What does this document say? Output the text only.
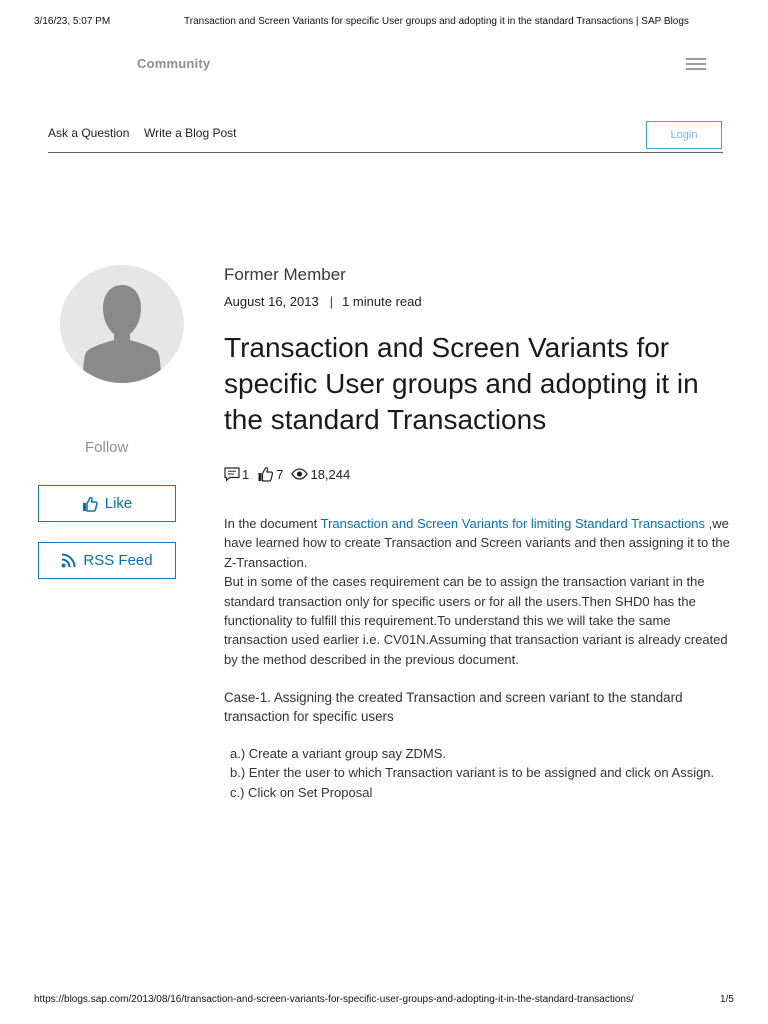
3/16/23, 5:07 PM	Transaction and Screen Variants for specific User groups and adopting it in the standard Transactions | SAP Blogs
Community
Ask a Question Write a Blog Post	Login
Follow
Like
RSS Feed
Former Member
August 16, 2013 | 1 minute read
Transaction and Screen Variants for specific User groups and adopting it in the standard Transactions
1 7 18,244

In the document Transaction and Screen Variants for limiting Standard Transactions ,we have learned how to create Transaction and Screen variants and then assigning it to the Z-Transaction.

But in some of the cases requirement can be to assign the transaction variant in the standard transaction only for specific users or for all the users.Then SHD0 has the functionality to fulfill this requirement.To understand this we will take the same transaction used earlier i.e. CV01N.Assuming that transaction variant is already created by the method described in the previous document.

Case-1. Assigning the created Transaction and screen variant to the standard transaction for specific users
a.) Create a variant group say ZDMS.
b.) Enter the user to which Transaction variant is to be assigned and click on Assign.
c.) Click on Set Proposal
https://blogs.sap.com/2013/08/16/transaction-and-screen-variants-for-specific-user-groups-and-adopting-it-in-the-standard-transactions/	1/5
